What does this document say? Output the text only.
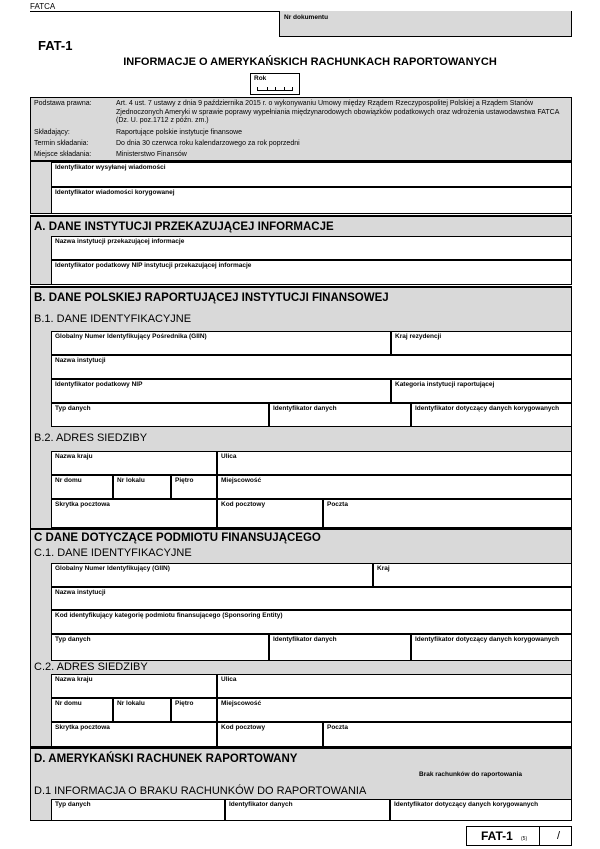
FATCA
Nr dokumentu
FAT-1
INFORMACJE O AMERYKAŃSKICH RACHUNKACH RAPORTOWANYCH
Rok
Podstawa prawna:	Art. 4 ust. 7 ustawy z dnia 9 października 2015 r. o wykonywaniu Umowy między Rządem Rzeczypospolitej Polskiej a Rządem Stanów Zjednoczonych Ameryki w sprawie poprawy wypełniania międzynarodowych obowiązków podatkowych oraz wdrożenia ustawodawstwa FATCA (Dz. U. poz.1712 z późn. zm.)
Składający:	Raportujące polskie instytucje finansowe
Termin składania:	Do dnia 30 czerwca roku kalendarzowego za rok poprzedni
Miejsce składania:	Ministerstwo Finansów
Identyfikator wysyłanej wiadomości
Identyfikator wiadomości korygowanej
A. DANE INSTYTUCJI PRZEKAZUJĄCEJ INFORMACJE
Nazwa instytucji przekazującej informacje
Identyfikator podatkowy NIP instytucji przekazującej informacje
B. DANE POLSKIEJ RAPORTUJĄCEJ INSTYTUCJI FINANSOWEJ
B.1. DANE IDENTYFIKACYJNE
Globalny Numer Identyfikujący Pośrednika (GIIN)	Kraj rezydencji
Nazwa instytucji
Identyfikator podatkowy NIP	Kategoria instytucji raportującej
Typ danych	Identyfikator danych	Identyfikator dotyczący danych korygowanych
B.2. ADRES SIEDZIBY
Nazwa kraju	Ulica
Nr domu	Nr lokalu	Piętro	Miejscowość
Skrytka pocztowa	Kod pocztowy	Poczta
C DANE DOTYCZĄCE PODMIOTU FINANSUJĄCEGO
C.1. DANE IDENTYFIKACYJNE
Globalny Numer Identyfikujący (GIIN)	Kraj
Nazwa instytucji
Kod identyfikujący kategorię podmiotu finansującego (Sponsoring Entity)
Typ danych	Identyfikator danych	Identyfikator dotyczący danych korygowanych
C.2. ADRES SIEDZIBY
Nazwa kraju	Ulica
Nr domu	Nr lokalu	Piętro	Miejscowość
Skrytka pocztowa	Kod pocztowy	Poczta
D. AMERYKAŃSKI RACHUNEK RAPORTOWANY
Brak rachunków do raportowania
D.1 INFORMACJA O BRAKU RACHUNKÓW DO RAPORTOWANIA
Typ danych	Identyfikator danych	Identyfikator dotyczący danych korygowanych
FAT-1 (5)	/
